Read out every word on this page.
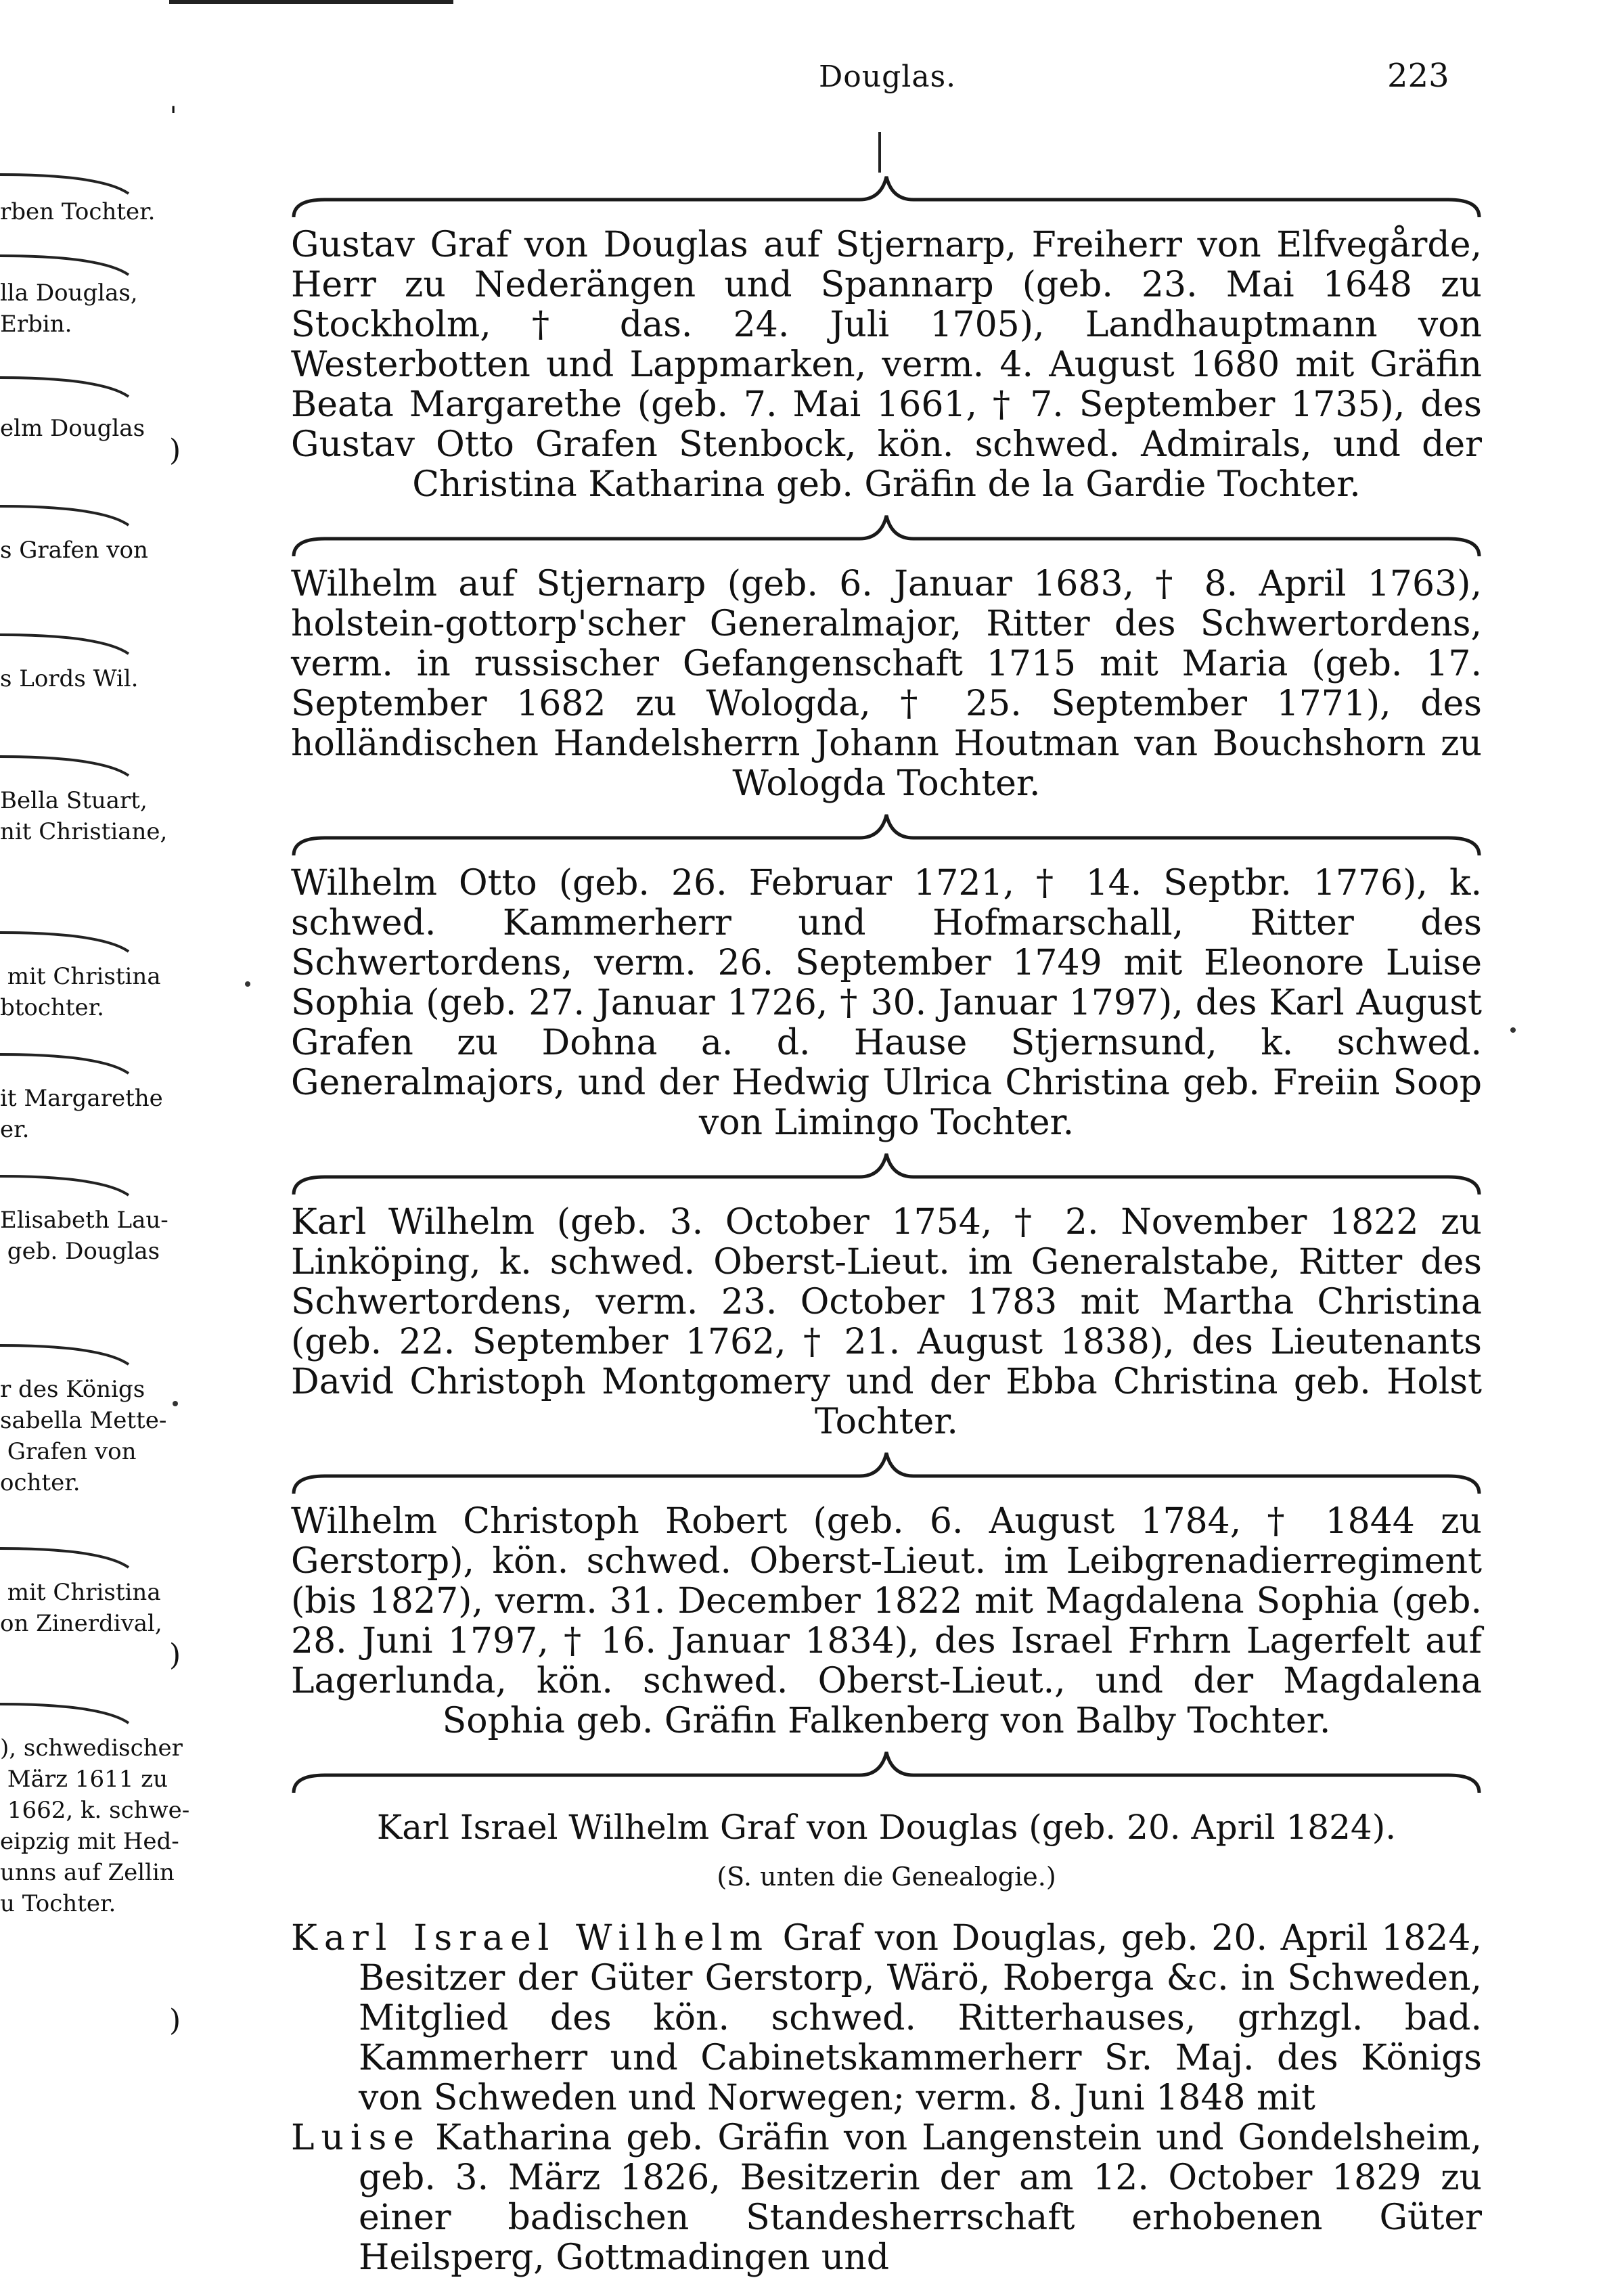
Douglas.	223
rben Tochter.
lla Douglas,
Erbin.
elm Douglas
s Grafen von
s Lords Wil.
Bella Stuart,
nit Christiane,
mit Christina
btochter.
it Margarethe
er.
Elisabeth Lau-
geb. Douglas
r des Königs
sabella Mette-
Grafen von
ochter.
mit Christina
on Zinerdival,
), schwedischer
März 1611 zu
1662, k. schwe-
eipzig mit Hed-
unns auf Zellin
u Tochter.
ˈ
)
)
)
Gustav Graf von Douglas auf Stjernarp, Freiherr von Elfvegårde, Herr zu Nederängen und Spannarp (geb. 23. Mai 1648 zu Stockholm, † das. 24. Juli 1705), Landhauptmann von Westerbotten und Lappmarken, verm. 4. August 1680 mit Gräfin Beata Margarethe (geb. 7. Mai 1661, † 7. September 1735), des Gustav Otto Grafen Stenbock, kön. schwed. Admirals, und der Christina Katharina geb. Gräfin de la Gardie Tochter.
Wilhelm auf Stjernarp (geb. 6. Januar 1683, † 8. April 1763), holstein-gottorp'scher Generalmajor, Ritter des Schwertordens, verm. in russischer Gefangenschaft 1715 mit Maria (geb. 17. September 1682 zu Wologda, † 25. September 1771), des holländischen Handelsherrn Johann Houtman van Bouchshorn zu Wologda Tochter.
Wilhelm Otto (geb. 26. Februar 1721, † 14. Septbr. 1776), k. schwed. Kammerherr und Hofmarschall, Ritter des Schwertordens, verm. 26. September 1749 mit Eleonore Luise Sophia (geb. 27. Januar 1726, † 30. Januar 1797), des Karl August Grafen zu Dohna a. d. Hause Stjernsund, k. schwed. Generalmajors, und der Hedwig Ulrica Christina geb. Freiin Soop von Limingo Tochter.
Karl Wilhelm (geb. 3. October 1754, † 2. November 1822 zu Linköping, k. schwed. Oberst-Lieut. im Generalstabe, Ritter des Schwertordens, verm. 23. October 1783 mit Martha Christina (geb. 22. September 1762, † 21. August 1838), des Lieutenants David Christoph Montgomery und der Ebba Christina geb. Holst Tochter.
Wilhelm Christoph Robert (geb. 6. August 1784, † 1844 zu Gerstorp), kön. schwed. Oberst-Lieut. im Leibgrenadierregiment (bis 1827), verm. 31. December 1822 mit Magdalena Sophia (geb. 28. Juni 1797, † 16. Januar 1834), des Israel Frhrn Lagerfelt auf Lagerlunda, kön. schwed. Oberst-Lieut., und der Magdalena Sophia geb. Gräfin Falkenberg von Balby Tochter.
Karl Israel Wilhelm Graf von Douglas (geb. 20. April 1824).
(S. unten die Genealogie.)

Karl Israel Wilhelm Graf von Douglas, geb. 20. April 1824, Besitzer der Güter Gerstorp, Wärö, Roberga &c. in Schweden, Mitglied des kön. schwed. Ritterhauses, grhzgl. bad. Kammerherr und Cabinetskammerherr Sr. Maj. des Königs von Schweden und Norwegen; verm. 8. Juni 1848 mit

Luise Katharina geb. Gräfin von Langenstein und Gondelsheim, geb. 3. März 1826, Besitzerin der am 12. October 1829 zu einer badischen Standesherrschaft erhobenen Güter Heilsperg, Gottmadingen und
